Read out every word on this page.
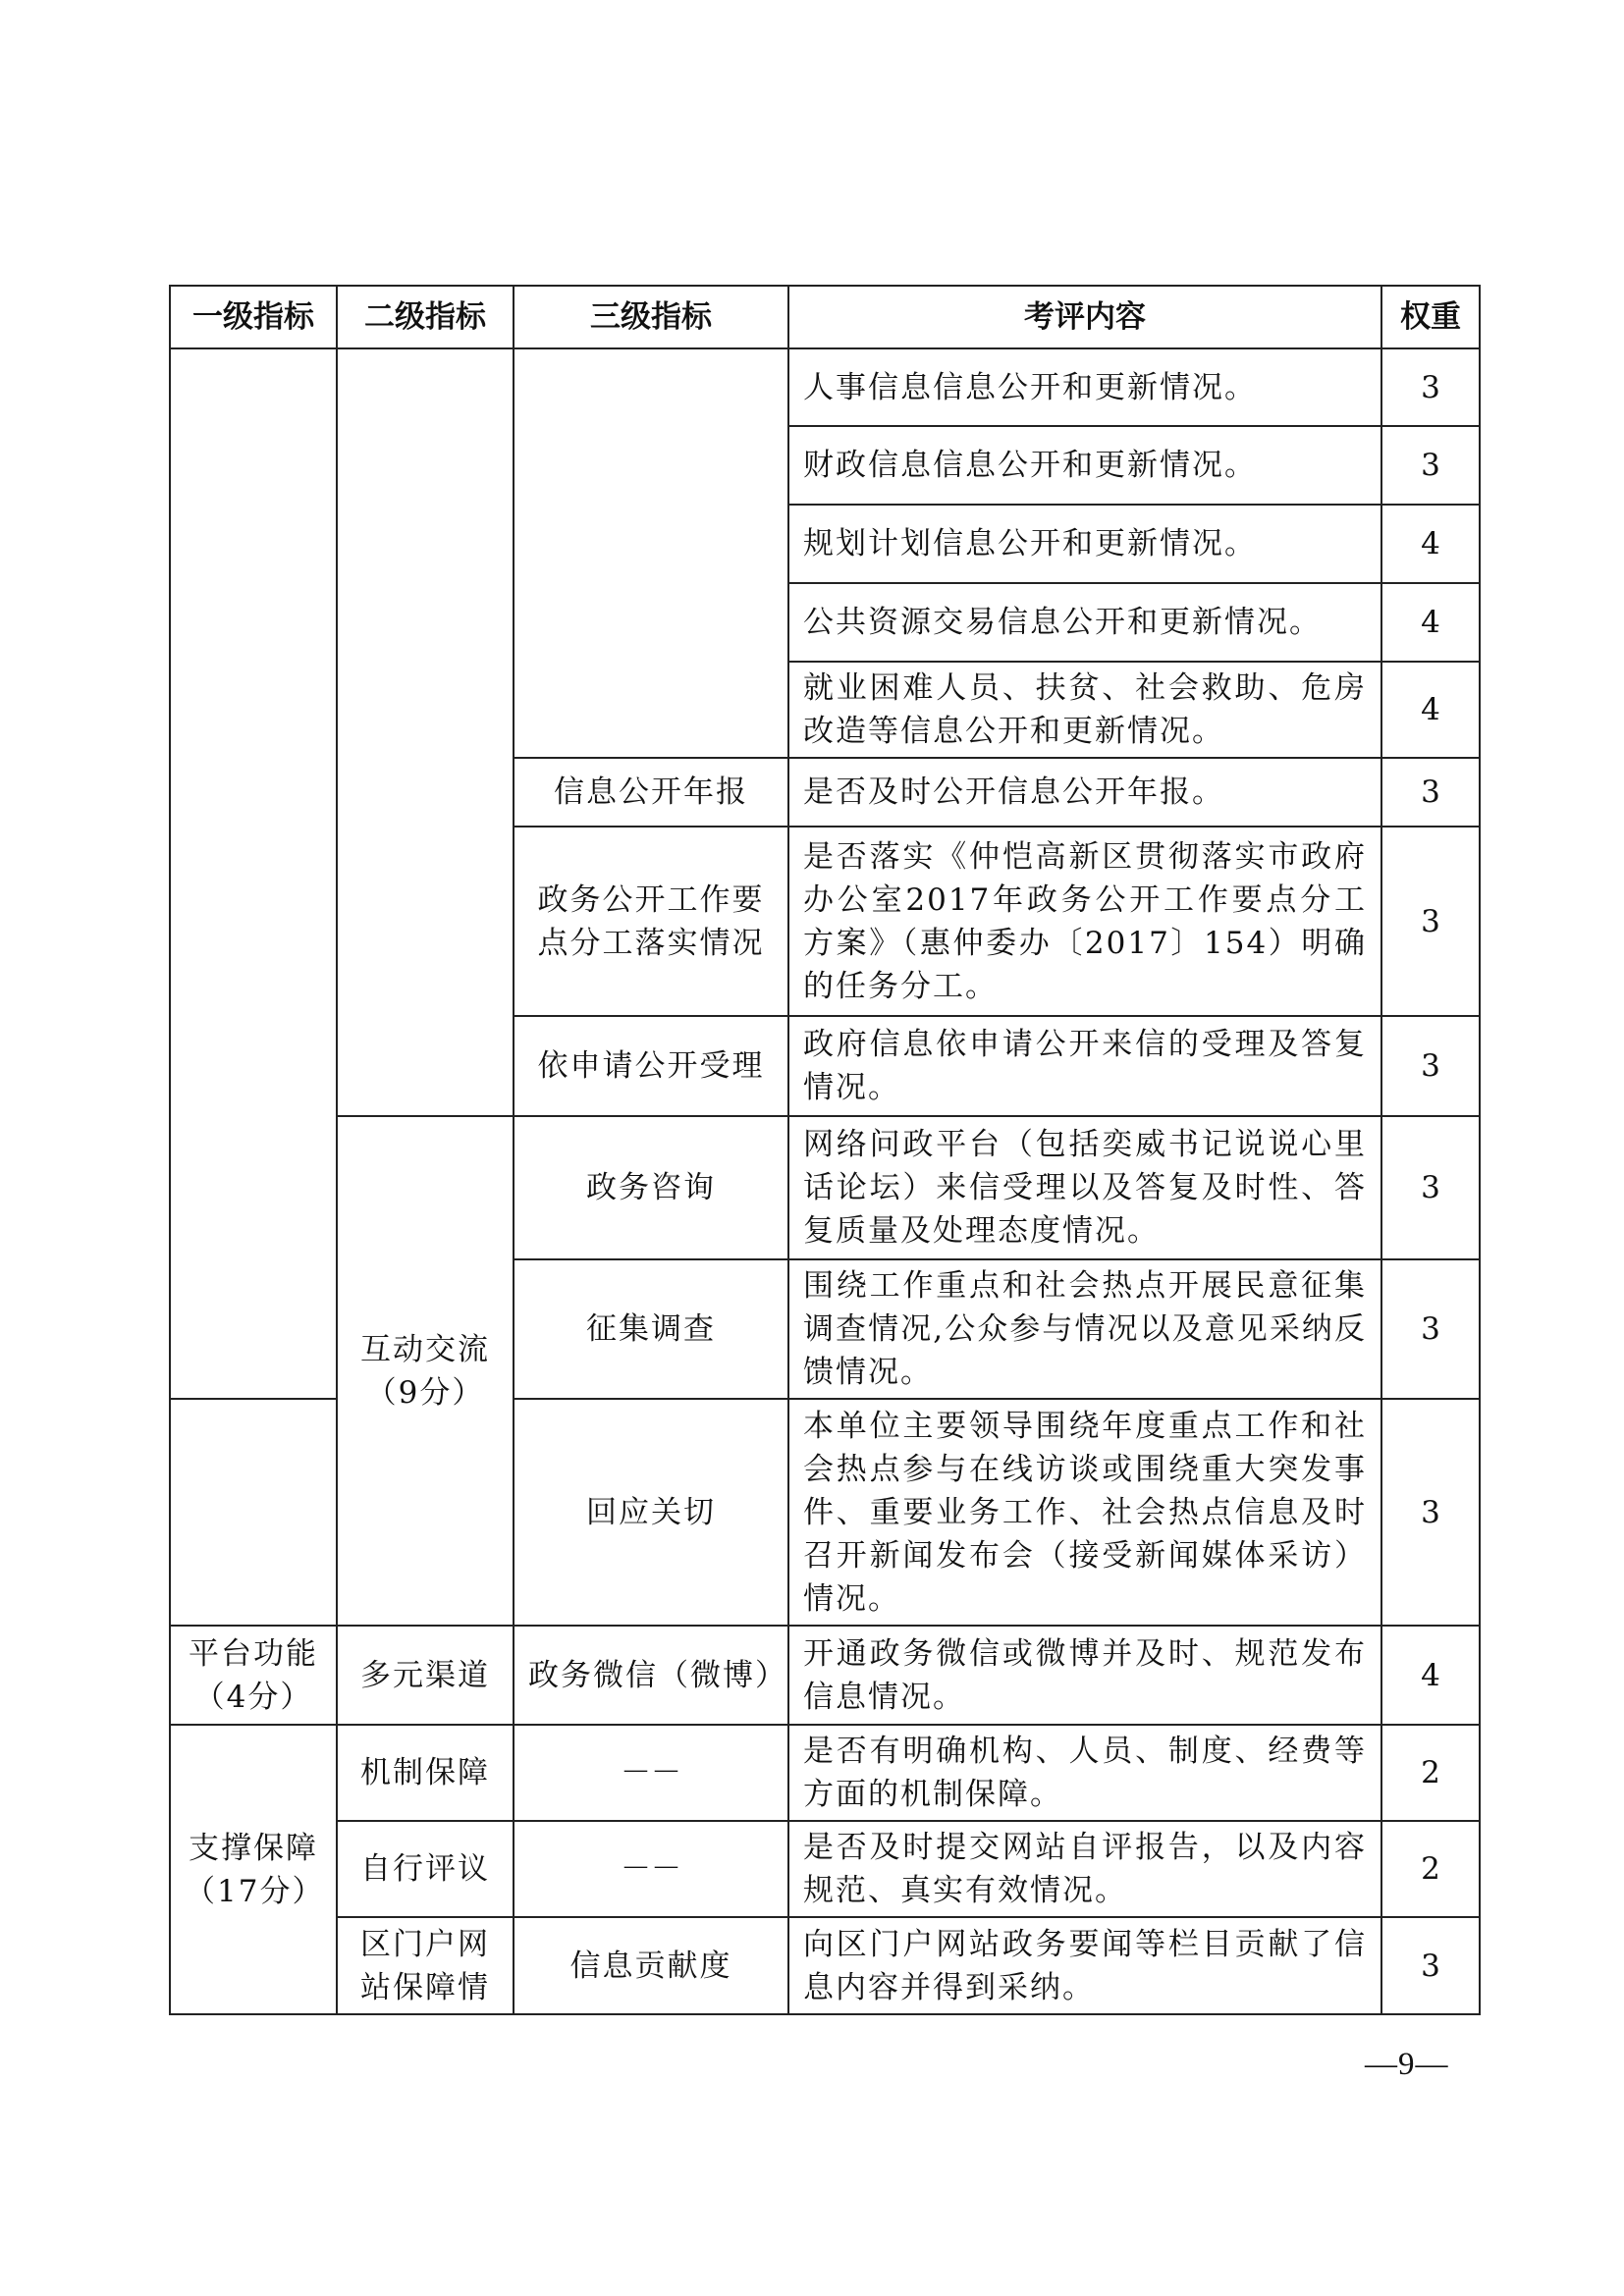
一级指标	二级指标	三级指标	考评内容	权重
			人事信息信息公开和更新情况。	3
			财政信息信息公开和更新情况。	3
			规划计划信息公开和更新情况。	4
			公共资源交易信息公开和更新情况。	4
			就业困难人员、扶贫、社会救助、危房改造等信息公开和更新情况。	4
		信息公开年报	是否及时公开信息公开年报。	3
		政务公开工作要点分工落实情况	是否落实《仲恺高新区贯彻落实市政府办公室2017年政务公开工作要点分工方案》（惠仲委办〔2017〕154）明确的任务分工。	3
		依申请公开受理	政府信息依申请公开来信的受理及答复情况。	3
	互动交流（9分）	政务咨询	网络问政平台（包括奕威书记说说心里话论坛）来信受理以及答复及时性、答复质量及处理态度情况。	3
		征集调查	围绕工作重点和社会热点开展民意征集调查情况,公众参与情况以及意见采纳反馈情况。	3
		回应关切	本单位主要领导围绕年度重点工作和社会热点参与在线访谈或围绕重大突发事件、重要业务工作、社会热点信息及时召开新闻发布会（接受新闻媒体采访）情况。	3
平台功能（4分）	多元渠道	政务微信（微博）	开通政务微信或微博并及时、规范发布信息情况。	4
支撑保障（17分）	机制保障	－－	是否有明确机构、人员、制度、经费等方面的机制保障。	2
	自行评议	－－	是否及时提交网站自评报告，以及内容规范、真实有效情况。	2
	区门户网站保障情	信息贡献度	向区门户网站政务要闻等栏目贡献了信息内容并得到采纳。	3
—9—
